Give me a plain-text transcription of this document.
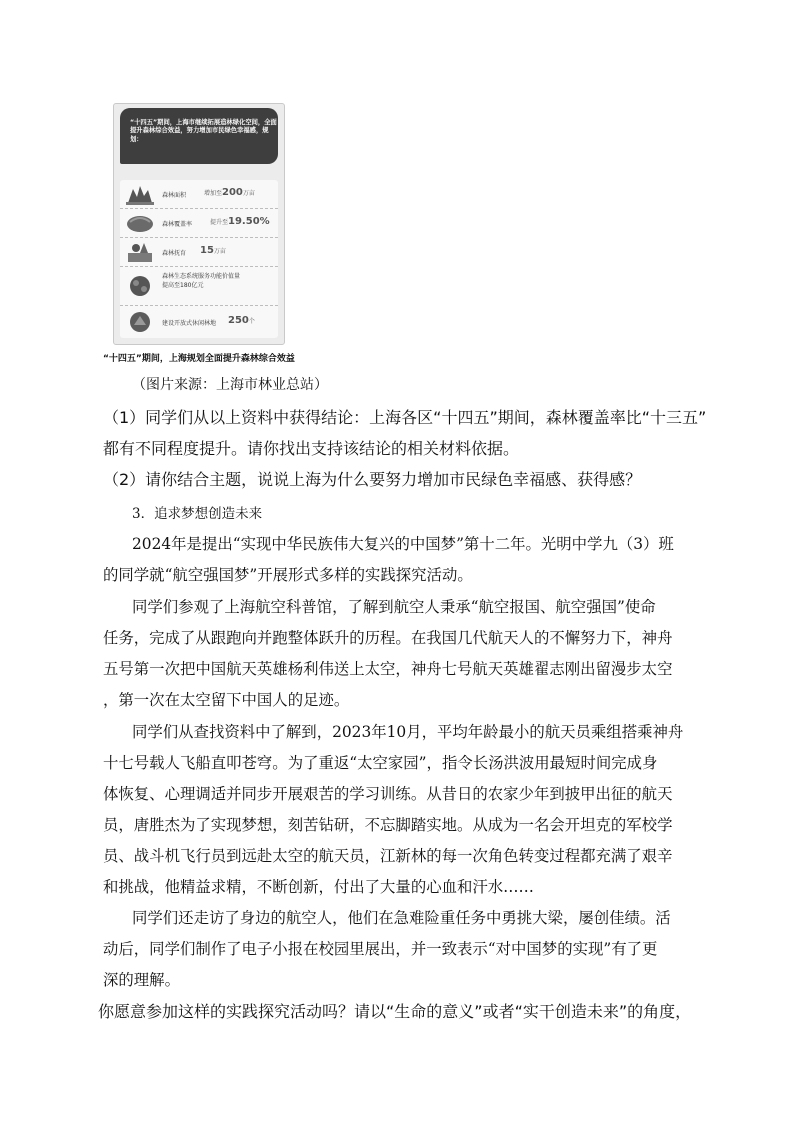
“十四五”期间，上海市继续拓展造林绿化空间，全面提升森林综合效益，努力增加市民绿色幸福感，规划：
森林面积	增加至200万亩
森林覆盖率	提升至19.50%
森林抚育 15万亩
森林生态系统服务功能价值量
提高至180亿元
建设开放式休闲林地 250个
“十四五”期间，上海规划全面提升森林综合效益
（图片来源：上海市林业总站）
（1）同学们从以上资料中获得结论：上海各区“十四五”期间，森林覆盖率比“十三五”
都有不同程度提升。请你找出支持该结论的相关材料依据。
（2）请你结合主题，说说上海为什么要努力增加市民绿色幸福感、获得感？
3．追求梦想创造未来
2024年是提出“实现中华民族伟大复兴的中国梦”第十二年。光明中学九（3）班
的同学就“航空强国梦”开展形式多样的实践探究活动。
同学们参观了上海航空科普馆，了解到航空人秉承“航空报国、航空强国”使命
任务，完成了从跟跑向并跑整体跃升的历程。在我国几代航天人的不懈努力下，神舟
五号第一次把中国航天英雄杨利伟送上太空，神舟七号航天英雄翟志刚出留漫步太空
，第一次在太空留下中国人的足迹。
同学们从查找资料中了解到，2023年10月，平均年龄最小的航天员乘组搭乘神舟
十七号载人飞船直叩苍穹。为了重返“太空家园”，指令长汤洪波用最短时间完成身
体恢复、心理调适并同步开展艰苦的学习训练。从昔日的农家少年到披甲出征的航天
员，唐胜杰为了实现梦想，刻苦钻研，不忘脚踏实地。从成为一名会开坦克的军校学
员、战斗机飞行员到远赴太空的航天员，江新林的每一次角色转变过程都充满了艰辛
和挑战，他精益求精，不断创新，付出了大量的心血和汗水……
同学们还走访了身边的航空人，他们在急难险重任务中勇挑大梁，屡创佳绩。活
动后，同学们制作了电子小报在校园里展出，并一致表示“对中国梦的实现”有了更
深的理解。
你愿意参加这样的实践探究活动吗？请以“生命的意义”或者“实干创造未来”的角度，
